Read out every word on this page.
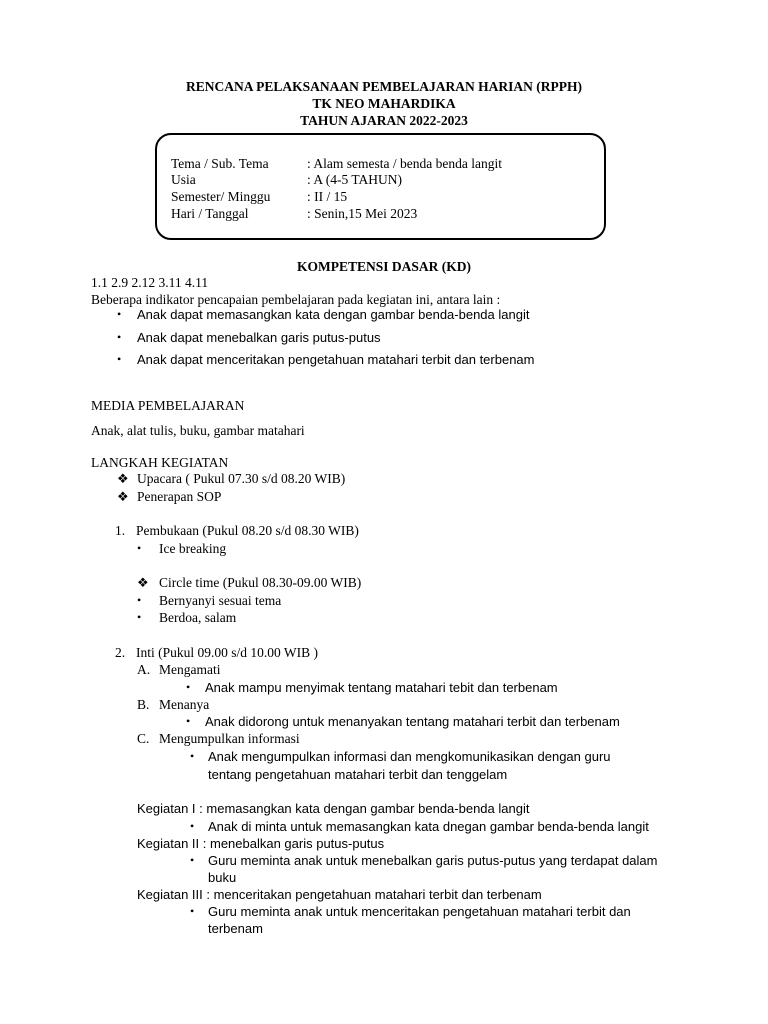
RENCANA PELAKSANAAN PEMBELAJARAN HARIAN (RPPH)
TK NEO MAHARDIKA
TAHUN AJARAN 2022-2023
Tema / Sub. Tema	: Alam semesta / benda benda langit
Usia	: A (4-5 TAHUN)
Semester/ Minggu	: II / 15
Hari / Tanggal	: Senin,15 Mei 2023
KOMPETENSI DASAR (KD)
1.1 2.9 2.12 3.11 4.11
Beberapa indikator pencapaian pembelajaran pada kegiatan ini, antara lain :
• Anak dapat memasangkan kata dengan gambar benda-benda langit
• Anak dapat menebalkan garis putus-putus
• Anak dapat menceritakan pengetahuan matahari terbit dan terbenam
MEDIA PEMBELAJARAN
Anak, alat tulis, buku, gambar matahari
LANGKAH KEGIATAN
❖ Upacara ( Pukul 07.30 s/d 08.20 WIB)
❖ Penerapan SOP
1. Pembukaan (Pukul 08.20 s/d 08.30 WIB)
• Ice breaking
❖ Circle time (Pukul 08.30-09.00 WIB)
• Bernyanyi sesuai tema
• Berdoa, salam
2. Inti (Pukul 09.00 s/d 10.00 WIB )
A. Mengamati
• Anak mampu menyimak tentang matahari tebit dan terbenam
B. Menanya
• Anak didorong untuk menanyakan tentang matahari terbit dan terbenam
C. Mengumpulkan informasi
• Anak mengumpulkan informasi dan mengkomunikasikan dengan guru
tentang pengetahuan matahari terbit dan tenggelam
Kegiatan I : memasangkan kata dengan gambar benda-benda langit
• Anak di minta untuk memasangkan kata dnegan gambar benda-benda langit
Kegiatan II : menebalkan garis putus-putus
• Guru meminta anak untuk menebalkan garis putus-putus yang terdapat dalam
buku
Kegiatan III : menceritakan pengetahuan matahari terbit dan terbenam
• Guru meminta anak untuk menceritakan pengetahuan matahari terbit dan
terbenam
